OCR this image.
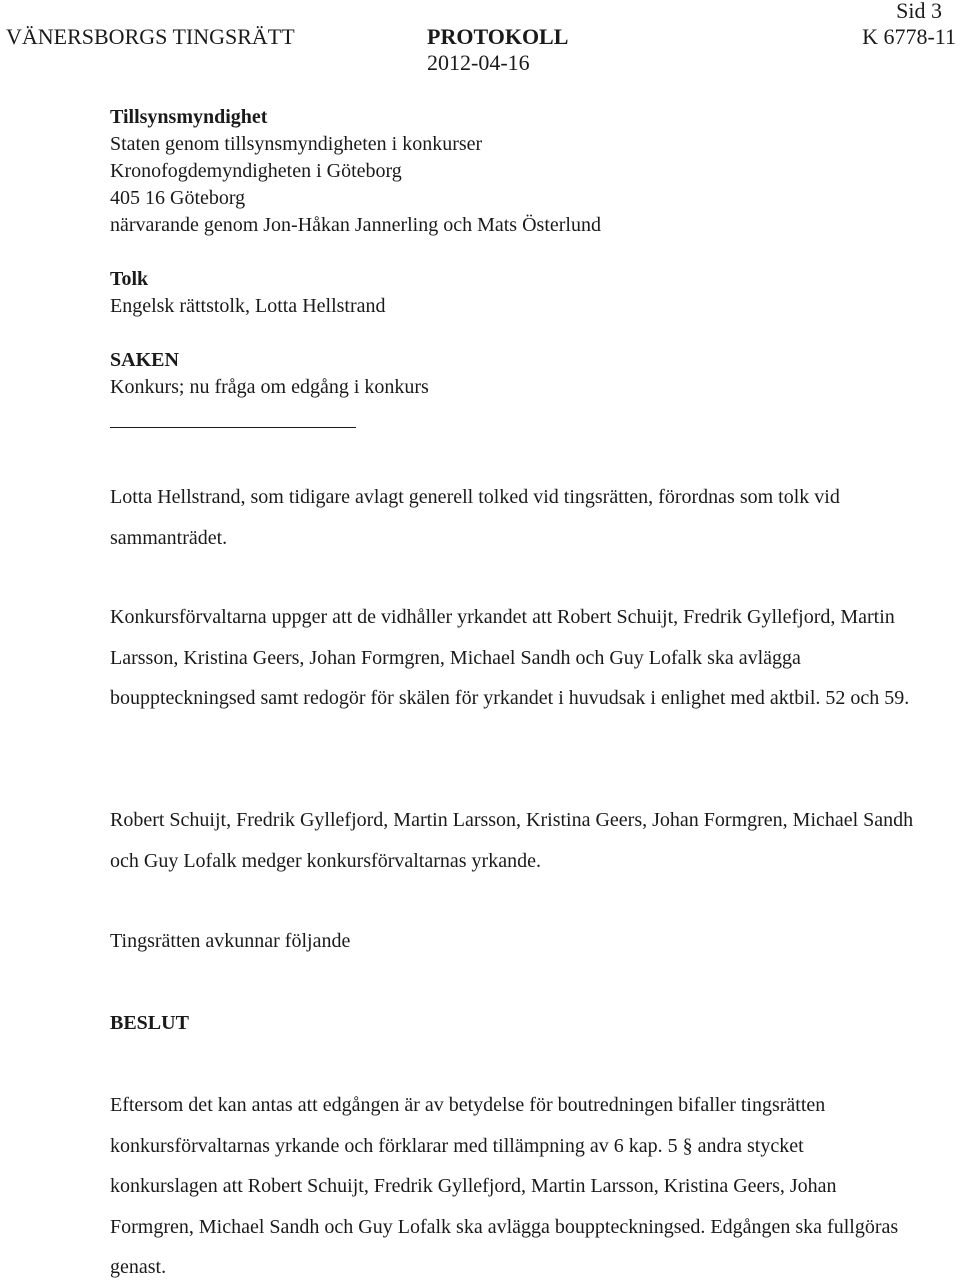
Sid 3
VÄNERSBORGS TINGSRÄTT	PROTOKOLL	K 6778-11
2012-04-16
Tillsynsmyndighet
Staten genom tillsynsmyndigheten i konkurser
Kronofogdemyndigheten i Göteborg
405 16 Göteborg
närvarande genom Jon-Håkan Jannerling och Mats Österlund
Tolk
Engelsk rättstolk, Lotta Hellstrand
SAKEN
Konkurs; nu fråga om edgång i konkurs
Lotta Hellstrand, som tidigare avlagt generell tolked vid tingsrätten, förordnas som tolk vid sammanträdet.
Konkursförvaltarna uppger att de vidhåller yrkandet att Robert Schuijt, Fredrik Gyllefjord, Martin Larsson, Kristina Geers, Johan Formgren, Michael Sandh och Guy Lofalk ska avlägga bouppteckningsed samt redogör för skälen för yrkandet i huvudsak i enlighet med aktbil. 52 och 59.
Robert Schuijt, Fredrik Gyllefjord, Martin Larsson, Kristina Geers, Johan Formgren, Michael Sandh och Guy Lofalk medger konkursförvaltarnas yrkande.
Tingsrätten avkunnar följande
BESLUT
Eftersom det kan antas att edgången är av betydelse för boutredningen bifaller tingsrätten konkursförvaltarnas yrkande och förklarar med tillämpning av 6 kap. 5 § andra stycket konkurslagen att Robert Schuijt, Fredrik Gyllefjord, Martin Larsson, Kristina Geers, Johan Formgren, Michael Sandh och Guy Lofalk ska avlägga bouppteckningsed. Edgången ska fullgöras genast.
